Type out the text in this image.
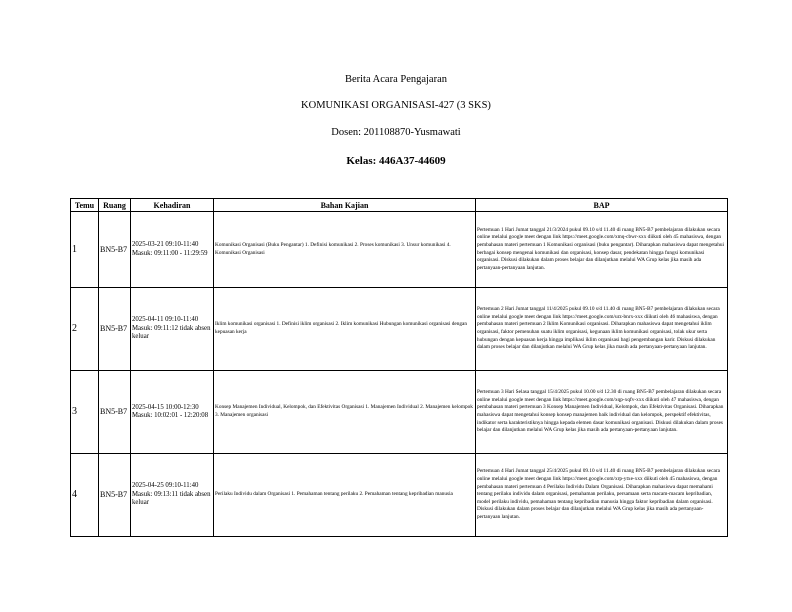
Berita Acara Pengajaran
KOMUNIKASI ORGANISASI-427 (3 SKS)
Dosen: 201108870-Yusmawati
Kelas: 446A37-44609
Temu	Ruang	Kehadiran	Bahan Kajian	BAP
1	BN5-B7	2025-03-21 09:10-11:40 Masuk: 09:11:00 - 11:29:59	Komunikasi Organisasi (Buku Pengantar) 1. Definisi komunikasi 2. Proses komunikasi 3. Unsur komunikasi 4. Komunikasi Organisasi	Pertemuan 1 Hari Jumat tanggal 21/3/2024 pukul 09.10 s/d 11.40 di ruang BN5-B7 pembelajaran dilakukan secara online melalui google meet dengan link https://meet.google.com/xmq-cbwr-xxx diikuti oleh 45 mahasiswa, dengan pembahasan materi pertemuan 1 Komunikasi organisasi (buku pengantar). Diharapkan mahasiswa dapat mengetahui berbagai konsep mengenai komunikasi dan organisasi, konsep dasar, pendekatan hingga fungsi komunikasi organisasi. Diskusi dilakukan dalam proses belajar dan dilanjutkan melalui WA Grup kelas jika masih ada pertanyaan-pertanyaan lanjutan.
2	BN5-B7	2025-04-11 09:10-11:40 Masuk: 09:11:12 tidak absen keluar	Iklim komunikasi organisasi 1. Definisi iklim organisasi 2. Iklim komunikasi Hubungan komunikasi organisasi dengan kepuasan kerja	Pertemuan 2 Hari Jumat tanggal 11/4/2025 pukul 09.10 s/d 11.40 di ruang BN5-B7 pembelajaran dilakukan secara online melalui google meet dengan link https://meet.google.com/urz-bnrx-xxx diikuti oleh 46 mahasiswa, dengan pembahasan materi pertemuan 2 Iklim Komunikasi organisasi. Diharapkan mahasiswa dapat mengetahui iklim organisasi, faktor pemenuhan suatu iklim organisasi, kegunaan iklim komunikasi organisasi, tolak ukur serta hubungan dengan kepuasan kerja hingga implikasi iklim organisasi bagi pengembangan karir. Diskusi dilakukan dalam proses belajar dan dilanjutkan melalui WA Grup kelas jika masih ada pertanyaan-pertanyaan lanjutan.
3	BN5-B7	2025-04-15 10:00-12:30 Masuk: 10:02:01 - 12:20:08	Konsep Manajemen Individual, Kelompok, dan Efektivitas Organisasi 1. Manajemen Individual 2. Manajemen kelompok 3. Manajemen organisasi	Pertemuan 3 Hari Selasa tanggal 15/4/2025 pukul 10.00 s/d 12.30 di ruang BN5-B7 pembelajaran dilakukan secara online melalui google meet dengan link https://meet.google.com/xqp-xqfv-xxx diikuti oleh 47 mahasiswa, dengan pembahasan materi pertemuan 3 Konsep Manajemen Individual, Kelompok, dan Efektivitas Organisasi. Diharapkan mahasiswa dapat mengetahui konsep konsep manajemen baik individual dan kelompok, perspektif efektivitas, indikator serta karakteristiknya hingga kepada elemen dasar komunikasi organisasi. Diskusi dilakukan dalam proses belajar dan dilanjutkan melalui WA Grup kelas jika masih ada pertanyaan-pertanyaan lanjutan.
4	BN5-B7	2025-04-25 09:10-11:40 Masuk: 09:13:11 tidak absen keluar	Perilaku Individu dalam Organisasi 1. Pemahaman tentang perilaku 2. Pemahaman tentang kepribadian manusia	Pertemuan 4 Hari Jumat tanggal 25/4/2025 pukul 09.10 s/d 11.40 di ruang BN5-B7 pembelajaran dilakukan secara online melalui google meet dengan link https://meet.google.com/xrp-ytxe-xxx diikuti oleh 45 mahasiswa, dengan pembahasan materi pertemuan 4 Perilaku Individu Dalam Organisasi. Diharapkan mahasiswa dapat memahami tentang perilaku individu dalam organisasi, pemahaman perilaku, persamaan serta macam-macam kepribadian, model perilaku individu, pemahaman tentang kepribadian manusia hingga faktor kepribadian dalam organisasi. Diskusi dilakukan dalam proses belajar dan dilanjutkan melalui WA Grup kelas jika masih ada pertanyaan-pertanyaan lanjutan.
